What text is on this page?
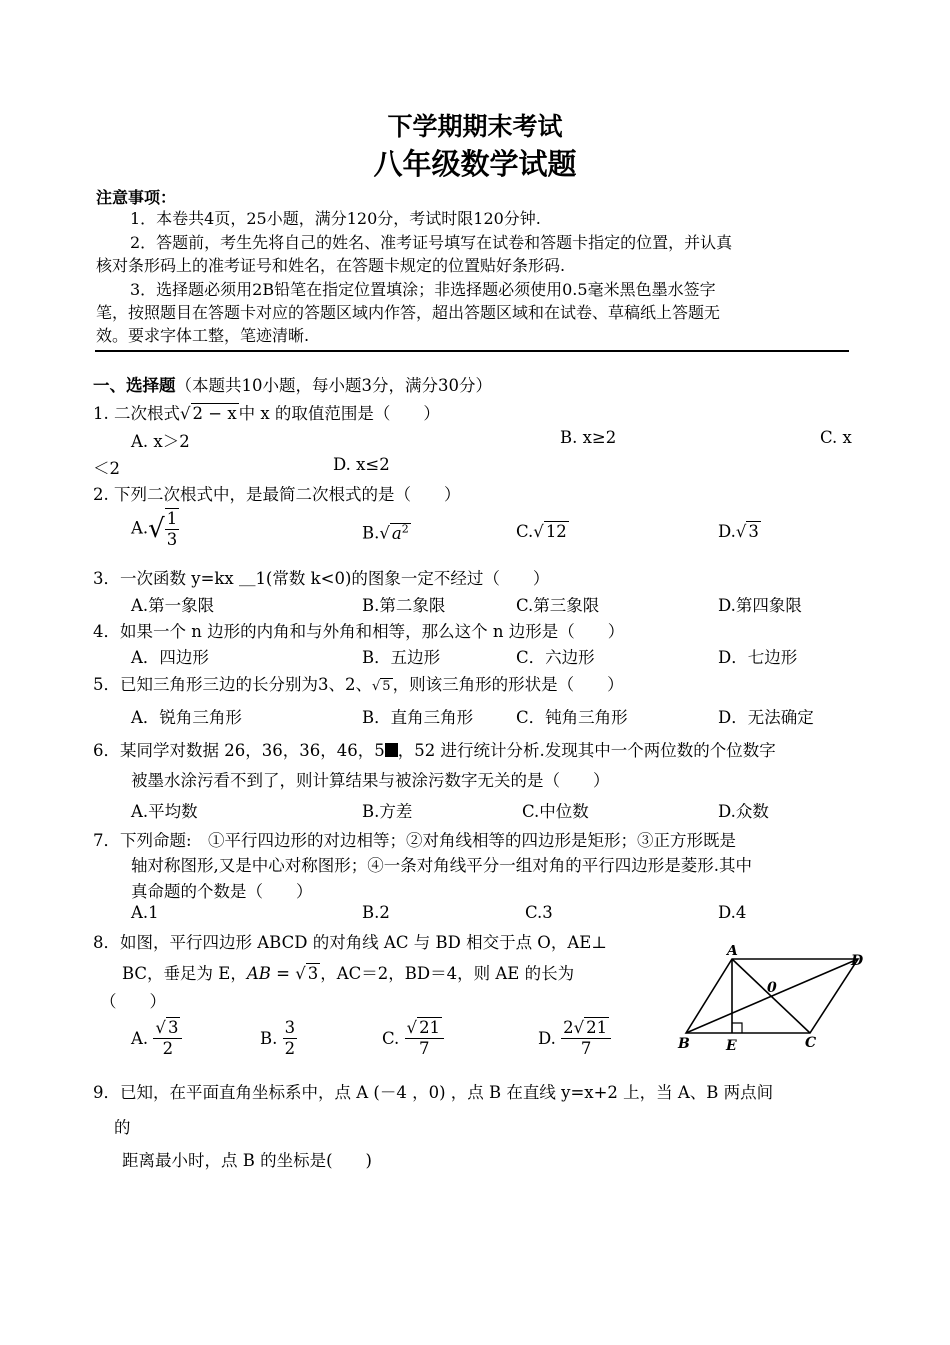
下学期期末考试
八年级数学试题
注意事项：
1．本卷共4页，25小题，满分120分，考试时限120分钟.
2．答题前，考生先将自己的姓名、准考证号填写在试卷和答题卡指定的位置，并认真
核对条形码上的准考证号和姓名，在答题卡规定的位置贴好条形码.
3．选择题必须用2B铅笔在指定位置填涂；非选择题必须使用0.5毫米黑色墨水签字
笔，按照题目在答题卡对应的答题区域内作答，超出答题区域和在试卷、草稿纸上答题无
效。要求字体工整，笔迹清晰.
一、选择题（本题共10小题，每小题3分，满分30分）
1. 二次根式√ 2 − x 中 x 的取值范围是（　　）
A. x＞2	B. x≥2	C. x
＜2	D. x≤2
2. 下列二次根式中，是最简二次根式的是（　　）
$A.√ \frac{1}{3}$	B.√ $a^2$	C.√ 12	D.√ 3
3．一次函数 y=kx ＿1(常数 k<0)的图象一定不经过（　　）
A.第一象限	B.第二象限	C.第三象限	D.第四象限
4．如果一个 n 边形的内角和与外角和相等，那么这个 n 边形是（　　）
A．四边形	B．五边形	C．六边形	D．七边形
5．已知三角形三边的长分别为3、2、√ 5 ，则该三角形的形状是（　　）
A．锐角三角形	B．直角三角形	C．钝角三角形	D．无法确定
6．某同学对数据 26，36，36，46，5 ，52 进行统计分析.发现其中一个两位数的个位数字
被墨水涂污看不到了，则计算结果与被涂污数字无关的是（　　）
A.平均数	B.方差	C.中位数	D.众数
7．下列命题:　①平行四边形的对边相等；②对角线相等的四边形是矩形；③正方形既是
轴对称图形,又是中心对称图形；④一条对角线平分一组对角的平行四边形是菱形.其中
真命题的个数是（　　）
A.1	B.2	C.3	D.4
8．如图，平行四边形 ABCD 的对角线 AC 与 BD 相交于点 O，AE⊥
BC，垂足为 E，AB = √ 3 ，AC＝2，BD＝4，则 AE 的长为
（　　）
A. $\frac{√ 3}{2}$	B. $\frac{3}{2}$	C. $\frac{√ 21}{7}$	D. $\frac{2√ 21}{7}$
A
B	C
D
E
0
9．已知，在平面直角坐标系中，点 A (－4 ，0) ，点 B 在直线 y=x+2 上，当 A、B 两点间
的
距离最小时，点 B 的坐标是(　　)
